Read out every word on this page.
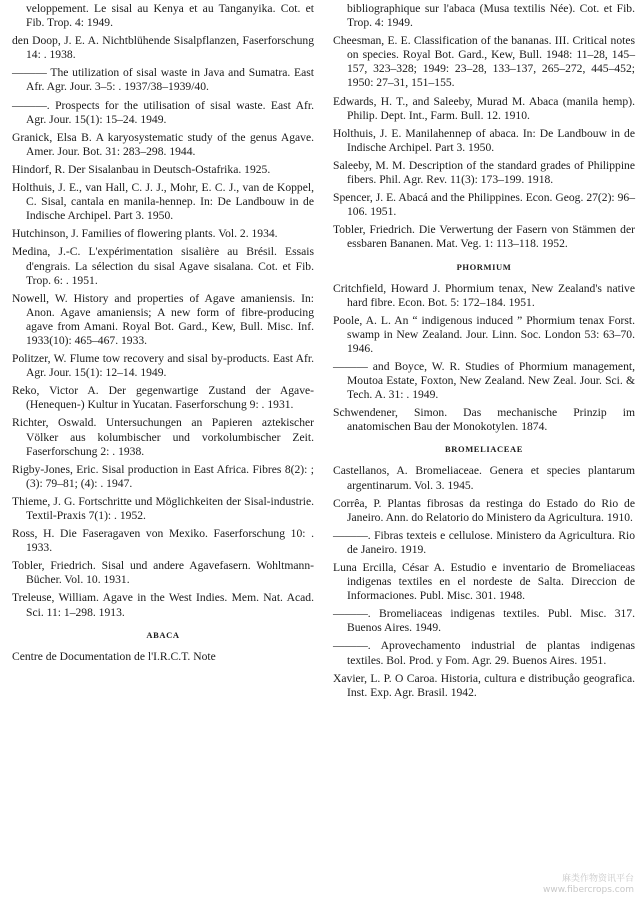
veloppement. Le sisal au Kenya et au Tanganyika. Cot. et Fib. Trop. 4: 1949.
den Doop, J. E. A. Nichtblühende Sisalpflanzen, Faserforschung 14: . 1938.
——— The utilization of sisal waste in Java and Sumatra. East Afr. Agr. Jour. 3–5: . 1937/38–1939/40.
———. Prospects for the utilisation of sisal waste. East Afr. Agr. Jour. 15(1): 15–24. 1949.
Granick, Elsa B. A karyosystematic study of the genus Agave. Amer. Jour. Bot. 31: 283–298. 1944.
Hindorf, R. Der Sisalanbau in Deutsch-Ostafrika. 1925.
Holthuis, J. E., van Hall, C. J. J., Mohr, E. C. J., van de Koppel, C. Sisal, cantala en manila-hennep. In: De Landbouw in de Indische Archipel. Part 3. 1950.
Hutchinson, J. Families of flowering plants. Vol. 2. 1934.
Medina, J.-C. L'expérimentation sisalière au Brésil. Essais d'engrais. La sélection du sisal Agave sisalana. Cot. et Fib. Trop. 6: . 1951.
Nowell, W. History and properties of Agave amaniensis. In: Anon. Agave amaniensis; A new form of fibre-producing agave from Amani. Royal Bot. Gard., Kew, Bull. Misc. Inf. 1933(10): 465–467. 1933.
Politzer, W. Flume tow recovery and sisal by-products. East Afr. Agr. Jour. 15(1): 12–14. 1949.
Reko, Victor A. Der gegenwartige Zustand der Agave- (Henequen-) Kultur in Yucatan. Faserforschung 9: . 1931.
Richter, Oswald. Untersuchungen an Papieren aztekischer Völker aus kolumbischer und vorkolumbischer Zeit. Faserforschung 2: . 1938.
Rigby-Jones, Eric. Sisal production in East Africa. Fibres 8(2): ; (3): 79–81; (4): . 1947.
Thieme, J. G. Fortschritte und Möglichkeiten der Sisal-industrie. Textil-Praxis 7(1): . 1952.
Ross, H. Die Faseragaven von Mexiko. Faserforschung 10: . 1933.
Tobler, Friedrich. Sisal und andere Agavefasern. Wohltmann-Bücher. Vol. 10. 1931.
Treleuse, William. Agave in the West Indies. Mem. Nat. Acad. Sci. 11: 1–298. 1913.
ABACA
Centre de Documentation de l'I.R.C.T. Note
bibliographique sur l'abaca (Musa textilis Née). Cot. et Fib. Trop. 4: 1949.
Cheesman, E. E. Classification of the bananas. III. Critical notes on species. Royal Bot. Gard., Kew, Bull. 1948: 11–28, 145–157, 323–328; 1949: 23–28, 133–137, 265–272, 445–452; 1950: 27–31, 151–155.
Edwards, H. T., and Saleeby, Murad M. Abaca (manila hemp). Philip. Dept. Int., Farm. Bull. 12. 1910.
Holthuis, J. E. Manilahennep of abaca. In: De Landbouw in de Indische Archipel. Part 3. 1950.
Saleeby, M. M. Description of the standard grades of Philippine fibers. Phil. Agr. Rev. 11(3): 173–199. 1918.
Spencer, J. E. Abacá and the Philippines. Econ. Geog. 27(2): 96–106. 1951.
Tobler, Friedrich. Die Verwertung der Fasern von Stämmen der essbaren Bananen. Mat. Veg. 1: 113–118. 1952.
PHORMIUM
Critchfield, Howard J. Phormium tenax, New Zealand's native hard fibre. Econ. Bot. 5: 172–184. 1951.
Poole, A. L. An “ indigenous induced ” Phormium tenax Forst. swamp in New Zealand. Jour. Linn. Soc. London 53: 63–70. 1946.
——— and Boyce, W. R. Studies of Phormium management, Moutoa Estate, Foxton, New Zealand. New Zeal. Jour. Sci. & Tech. A. 31: . 1949.
Schwendener, Simon. Das mechanische Prinzip im anatomischen Bau der Monokotylen. 1874.
BROMELIACEAE
Castellanos, A. Bromeliaceae. Genera et species plantarum argentinarum. Vol. 3. 1945.
Corrêa, P. Plantas fibrosas da restinga do Estado do Rio de Janeiro. Ann. do Relatorio do Ministero da Agricultura. 1910.
———. Fibras texteis e cellulose. Ministero da Agricultura. Rio de Janeiro. 1919.
Luna Ercilla, César A. Estudio e inventario de Bromeliaceas indigenas textiles en el nordeste de Salta. Direccion de Informaciones. Publ. Misc. 301. 1948.
———. Bromeliaceas indigenas textiles. Publ. Misc. 317. Buenos Aires. 1949.
———. Aprovechamento industrial de plantas indigenas textiles. Bol. Prod. y Fom. Agr. 29. Buenos Aires. 1951.
Xavier, L. P. O Caroa. Historia, cultura e distribuçåo geografica. Inst. Exp. Agr. Brasil. 1942.
麻类作物资讯平台
www.fibercrops.com
